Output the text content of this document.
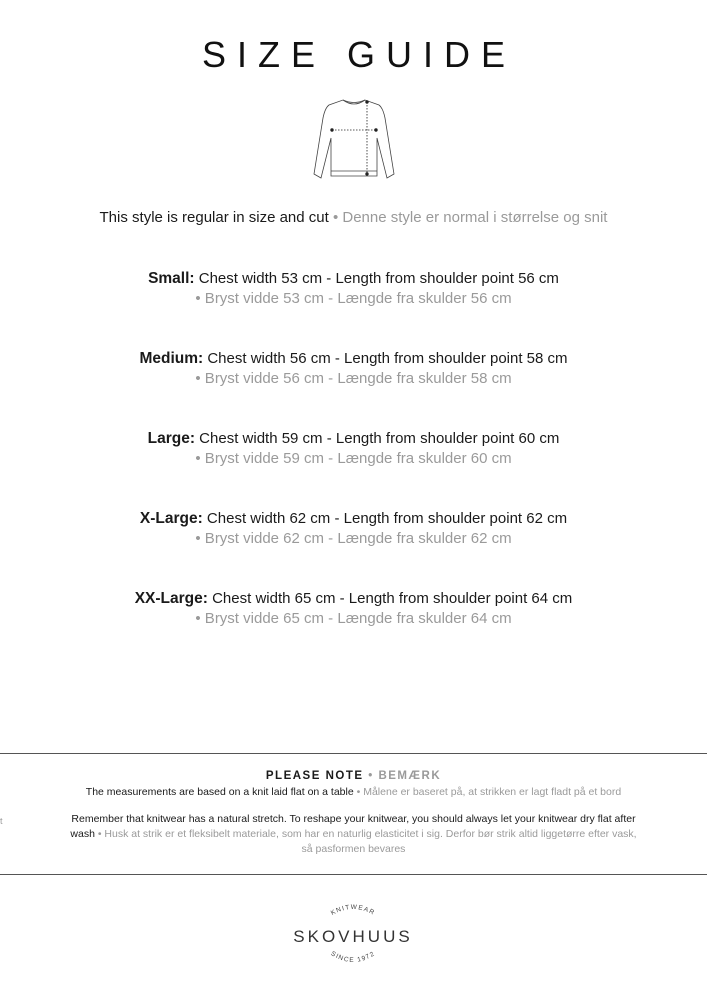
SIZE GUIDE
This style is regular in size and cut • Denne style er normal i størrelse og snit
Small: Chest width 53 cm - Length from shoulder point 56 cm
• Bryst vidde 53 cm - Længde fra skulder 56 cm
Medium: Chest width 56 cm - Length from shoulder point 58 cm
• Bryst vidde 56 cm - Længde fra skulder 58 cm
Large: Chest width 59 cm - Length from shoulder point 60 cm
• Bryst vidde 59 cm - Længde fra skulder 60 cm
X-Large: Chest width 62 cm - Length from shoulder point 62 cm
• Bryst vidde 62 cm - Længde fra skulder 62 cm
XX-Large: Chest width 65 cm - Length from shoulder point 64 cm
• Bryst vidde 65 cm - Længde fra skulder 64 cm
t
PLEASE NOTE • BEMÆRK
The measurements are based on a knit laid flat on a table • Målene er baseret på, at strikken er lagt fladt på et bord
Remember that knitwear has a natural stretch. To reshape your knitwear, you should always let your knitwear dry flat after wash • Husk at strik er et fleksibelt materiale, som har en naturlig elasticitet i sig. Derfor bør strik altid liggetørre efter vask, så pasformen bevares
KNITWEAR
SKOVHUUS
SINCE 1972
